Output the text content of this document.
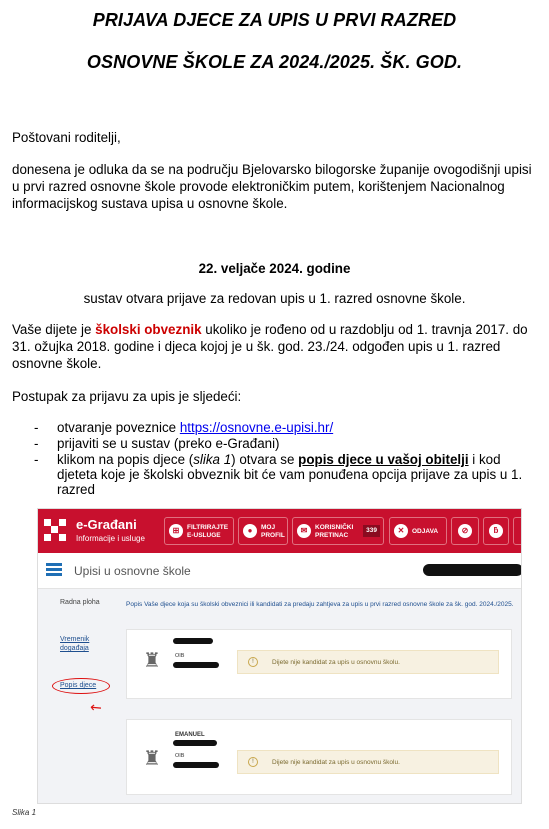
PRIJAVA DJECE ZA UPIS U PRVI RAZRED
OSNOVNE ŠKOLE ZA 2024./2025. ŠK. GOD.
Poštovani roditelji,
donesena je odluka da se na području Bjelovarsko bilogorske županije ovogodišnji upisi u prvi razred osnovne škole provode elektroničkim putem, korištenjem Nacionalnog informacijskog sustava upisa u osnovne škole.
22. veljače 2024. godine
sustav otvara prijave za redovan upis u 1. razred osnovne škole.
Vaše dijete je školski obveznik ukoliko je rođeno od u razdoblju od 1. travnja 2017. do 31. ožujka 2018. godine i djeca kojoj je u šk. god. 23./24. odgođen upis u 1. razred osnovne škole.
Postupak za prijavu za upis je sljedeći:
- otvaranje poveznice https://osnovne.e-upisi.hr/
- prijaviti se u sustav (preko e-Građani)
- klikom na popis djece (slika 1) otvara se popis djece u vašoj obitelji i kod djeteta koje je školski obveznik bit će vam ponuđena opcija prijave za upis u 1. razred
e-Građani
Informacije i usluge
⊞	FILTRIRAJTE E-USLUGE
●	MOJ PROFIL
✉	KORISNIČKI PRETINAC
339	✕	ODJAVA	⊘	ƃ
Upisi u osnovne škole
Radna ploha
Vremenik događaja
Popis djece
↖
Popis Vaše djece koja su školski obveznici ili kandidati za predaju zahtjeva za upis u prvi razred osnovne škole za šk. god. 2024./2025.
♜	OIB
!	Dijete nije kandidat za upis u osnovnu školu.
EMANUEL
♜	OIB
!	Dijete nije kandidat za upis u osnovnu školu.
Slika 1
